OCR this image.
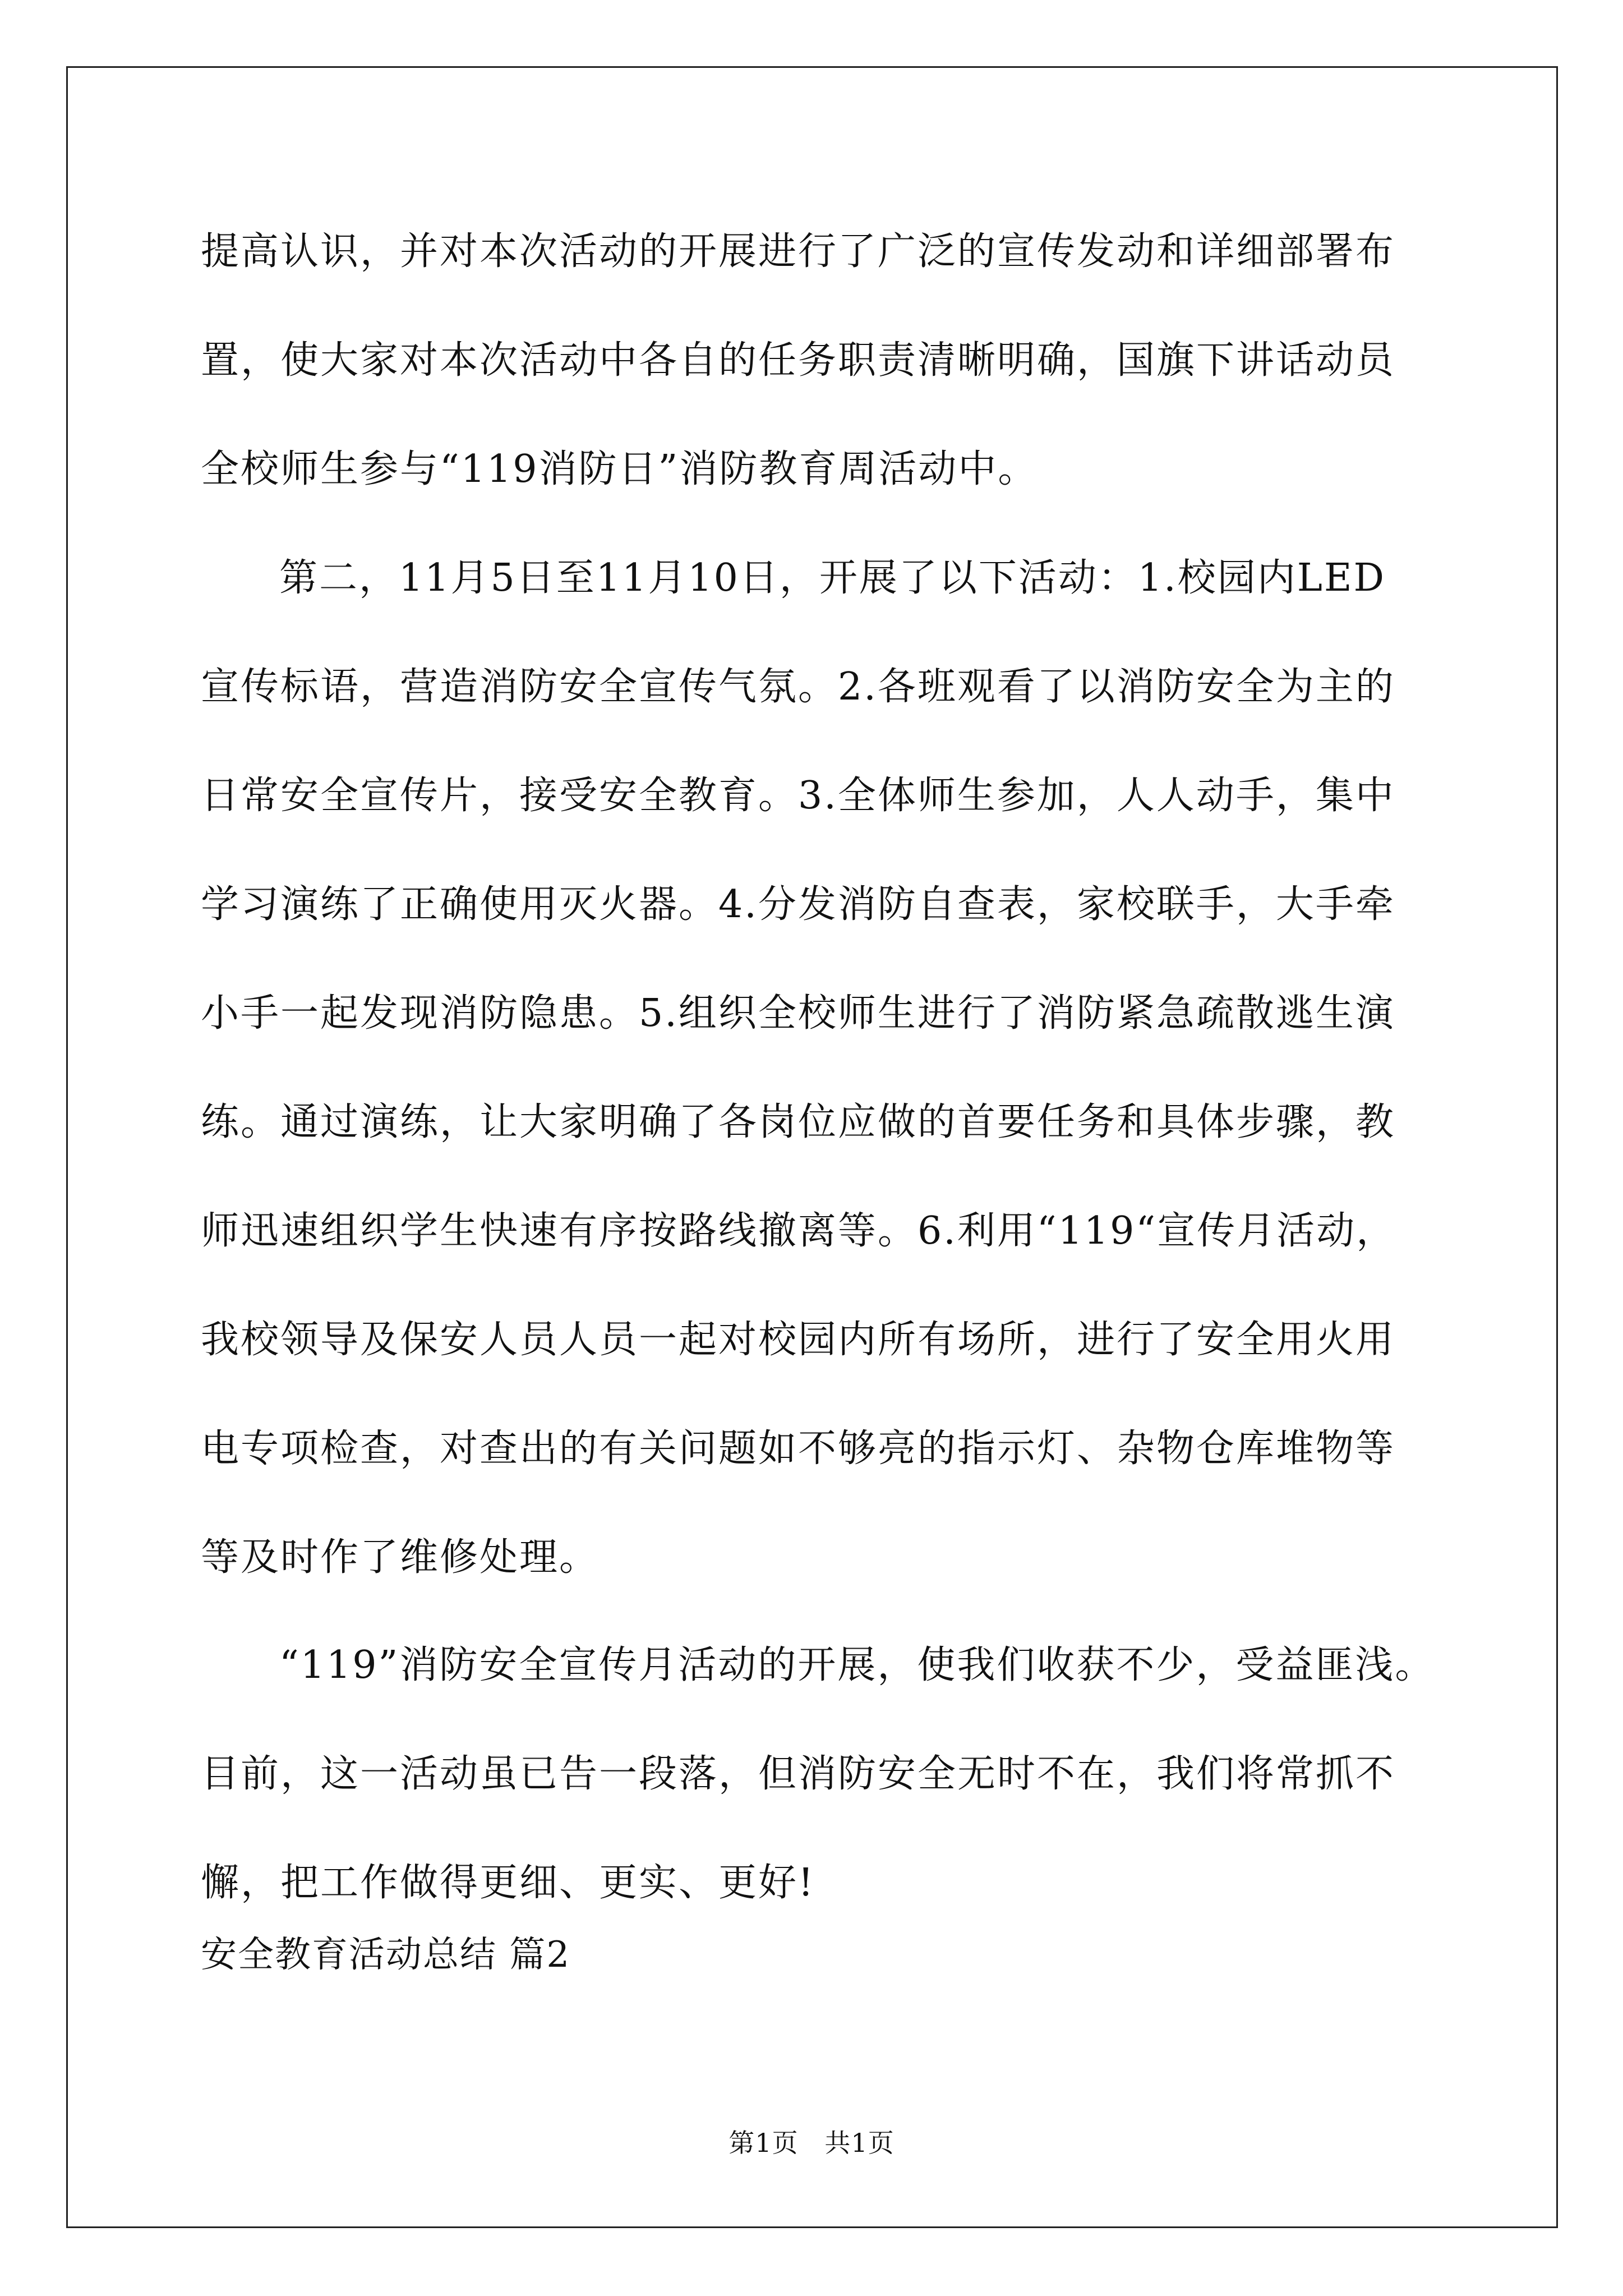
提高认识，并对本次活动的开展进行了广泛的宣传发动和详细部署布
置，使大家对本次活动中各自的任务职责清晰明确，国旗下讲话动员
全校师生参与“119消防日”消防教育周活动中。
第二，11月5日至11月10日，开展了以下活动：1.校园内LED
宣传标语，营造消防安全宣传气氛。2.各班观看了以消防安全为主的
日常安全宣传片，接受安全教育。3.全体师生参加，人人动手，集中
学习演练了正确使用灭火器。4.分发消防自查表，家校联手，大手牵
小手一起发现消防隐患。5.组织全校师生进行了消防紧急疏散逃生演
练。通过演练，让大家明确了各岗位应做的首要任务和具体步骤，教
师迅速组织学生快速有序按路线撤离等。6.利用“119“宣传月活动，
我校领导及保安人员人员一起对校园内所有场所，进行了安全用火用
电专项检查，对查出的有关问题如不够亮的指示灯、杂物仓库堆物等
等及时作了维修处理。
“119”消防安全宣传月活动的开展，使我们收获不少，受益匪浅。
目前，这一活动虽已告一段落，但消防安全无时不在，我们将常抓不
懈，把工作做得更细、更实、更好!
安全教育活动总结 篇2
第1页   共1页
